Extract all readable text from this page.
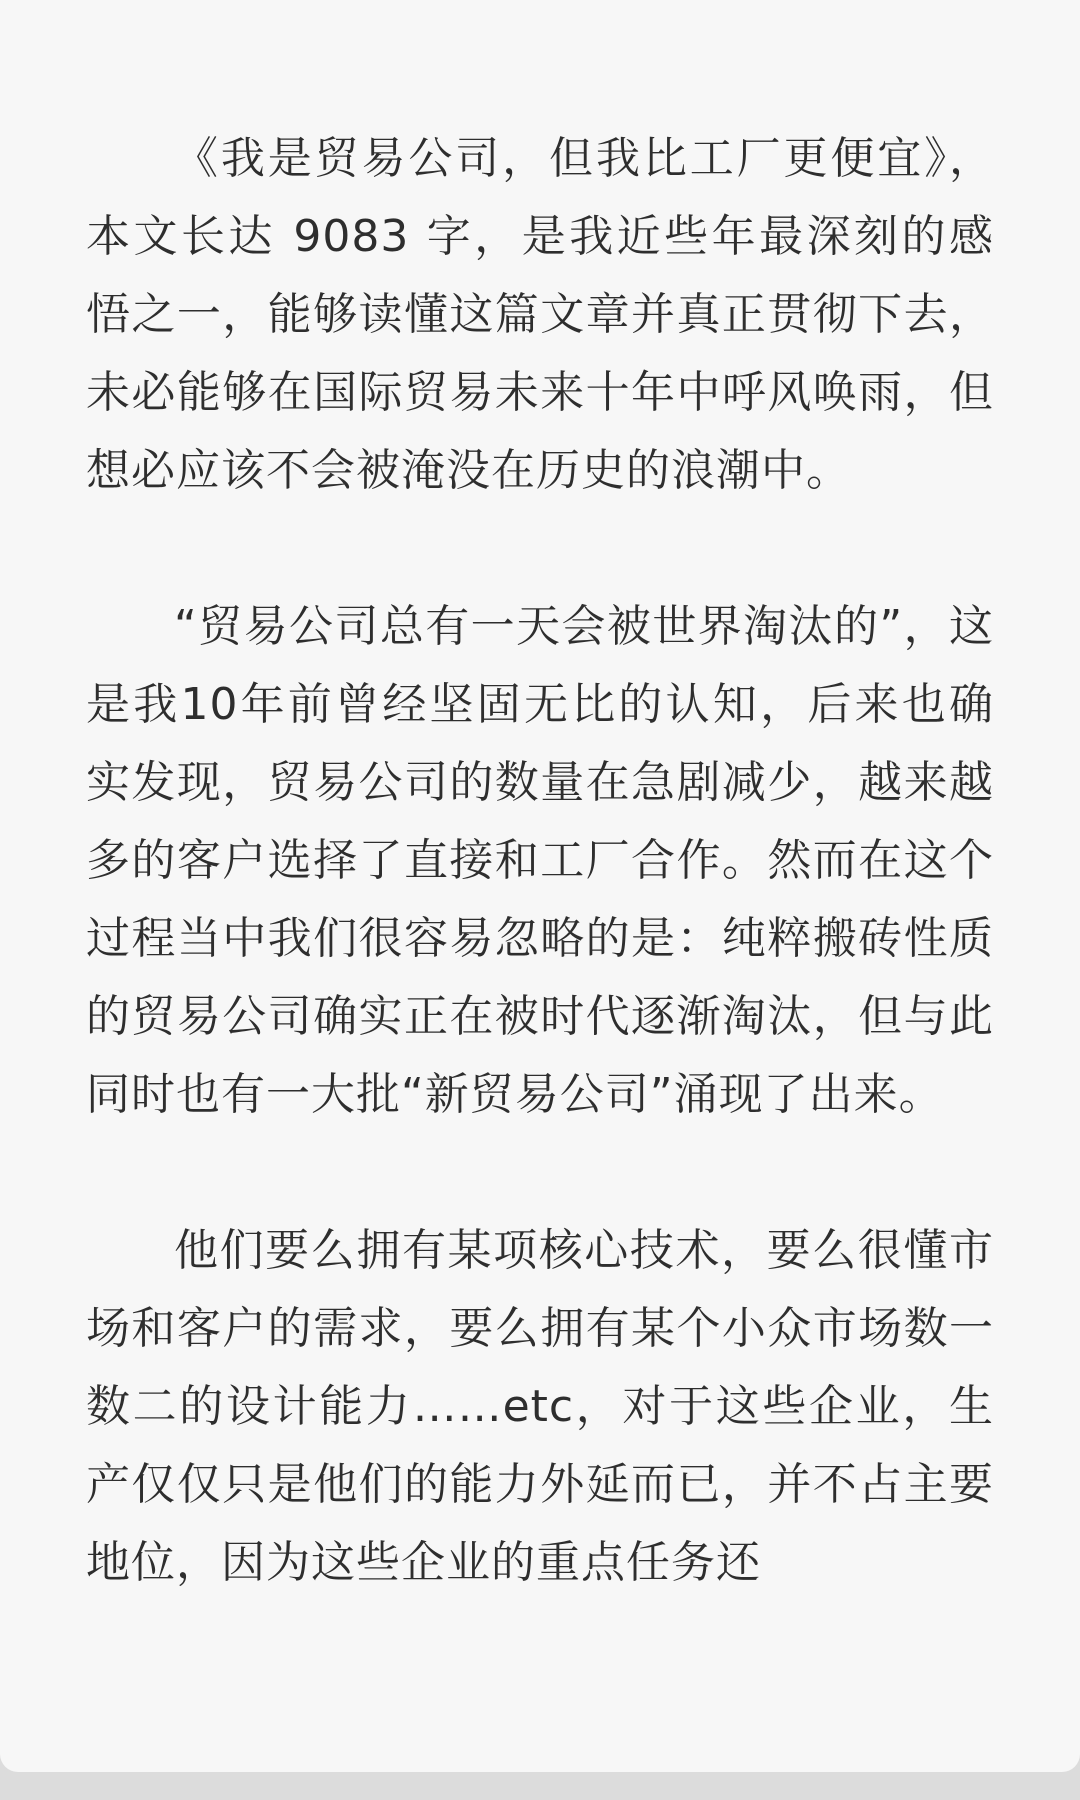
《我是贸易公司，但我比工厂更便宜》，本文长达 9083 字，是我近些年最深刻的感悟之一，能够读懂这篇文章并真正贯彻下去，未必能够在国际贸易未来十年中呼风唤雨，但想必应该不会被淹没在历史的浪潮中。

“贸易公司总有一天会被世界淘汰的”，这是我10年前曾经坚固无比的认知，后来也确实发现，贸易公司的数量在急剧减少，越来越多的客户选择了直接和工厂合作。然而在这个过程当中我们很容易忽略的是：纯粹搬砖性质的贸易公司确实正在被时代逐渐淘汰，但与此同时也有一大批“新贸易公司”涌现了出来。

他们要么拥有某项核心技术，要么很懂市场和客户的需求，要么拥有某个小众市场数一数二的设计能力……etc，对于这些企业，生产仅仅只是他们的能力外延而已，并不占主要地位，因为这些企业的重点任务还
